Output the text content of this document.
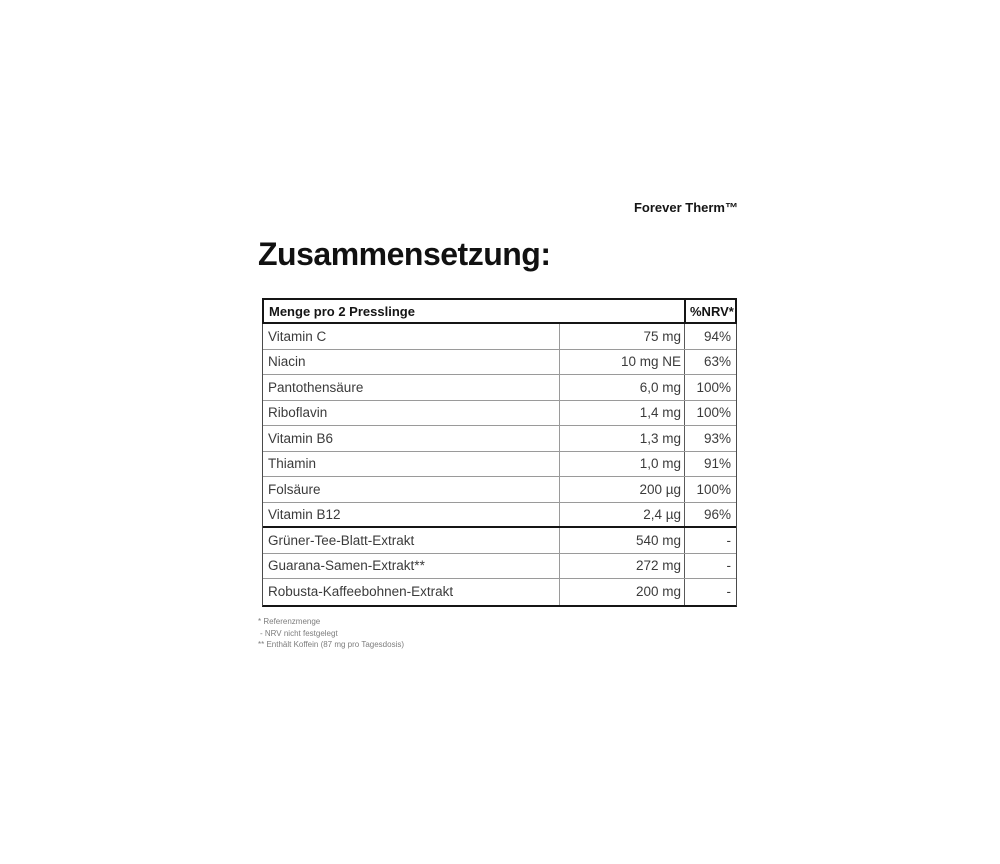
Forever Therm™
Zusammensetzung:
Menge pro 2 Presslinge	%NRV*
Vitamin C	75 mg	94%
Niacin	10 mg NE	63%
Pantothensäure	6,0 mg	100%
Riboflavin	1,4 mg	100%
Vitamin B6	1,3 mg	93%
Thiamin	1,0 mg	91%
Folsäure	200 µg	100%
Vitamin B12	2,4 µg	96%
Grüner-Tee-Blatt-Extrakt	540 mg	-
Guarana-Samen-Extrakt**	272 mg	-
Robusta-Kaffeebohnen-Extrakt	200 mg	-
* Referenzmenge
- NRV nicht festgelegt
** Enthält Koffein (87 mg pro Tagesdosis)
